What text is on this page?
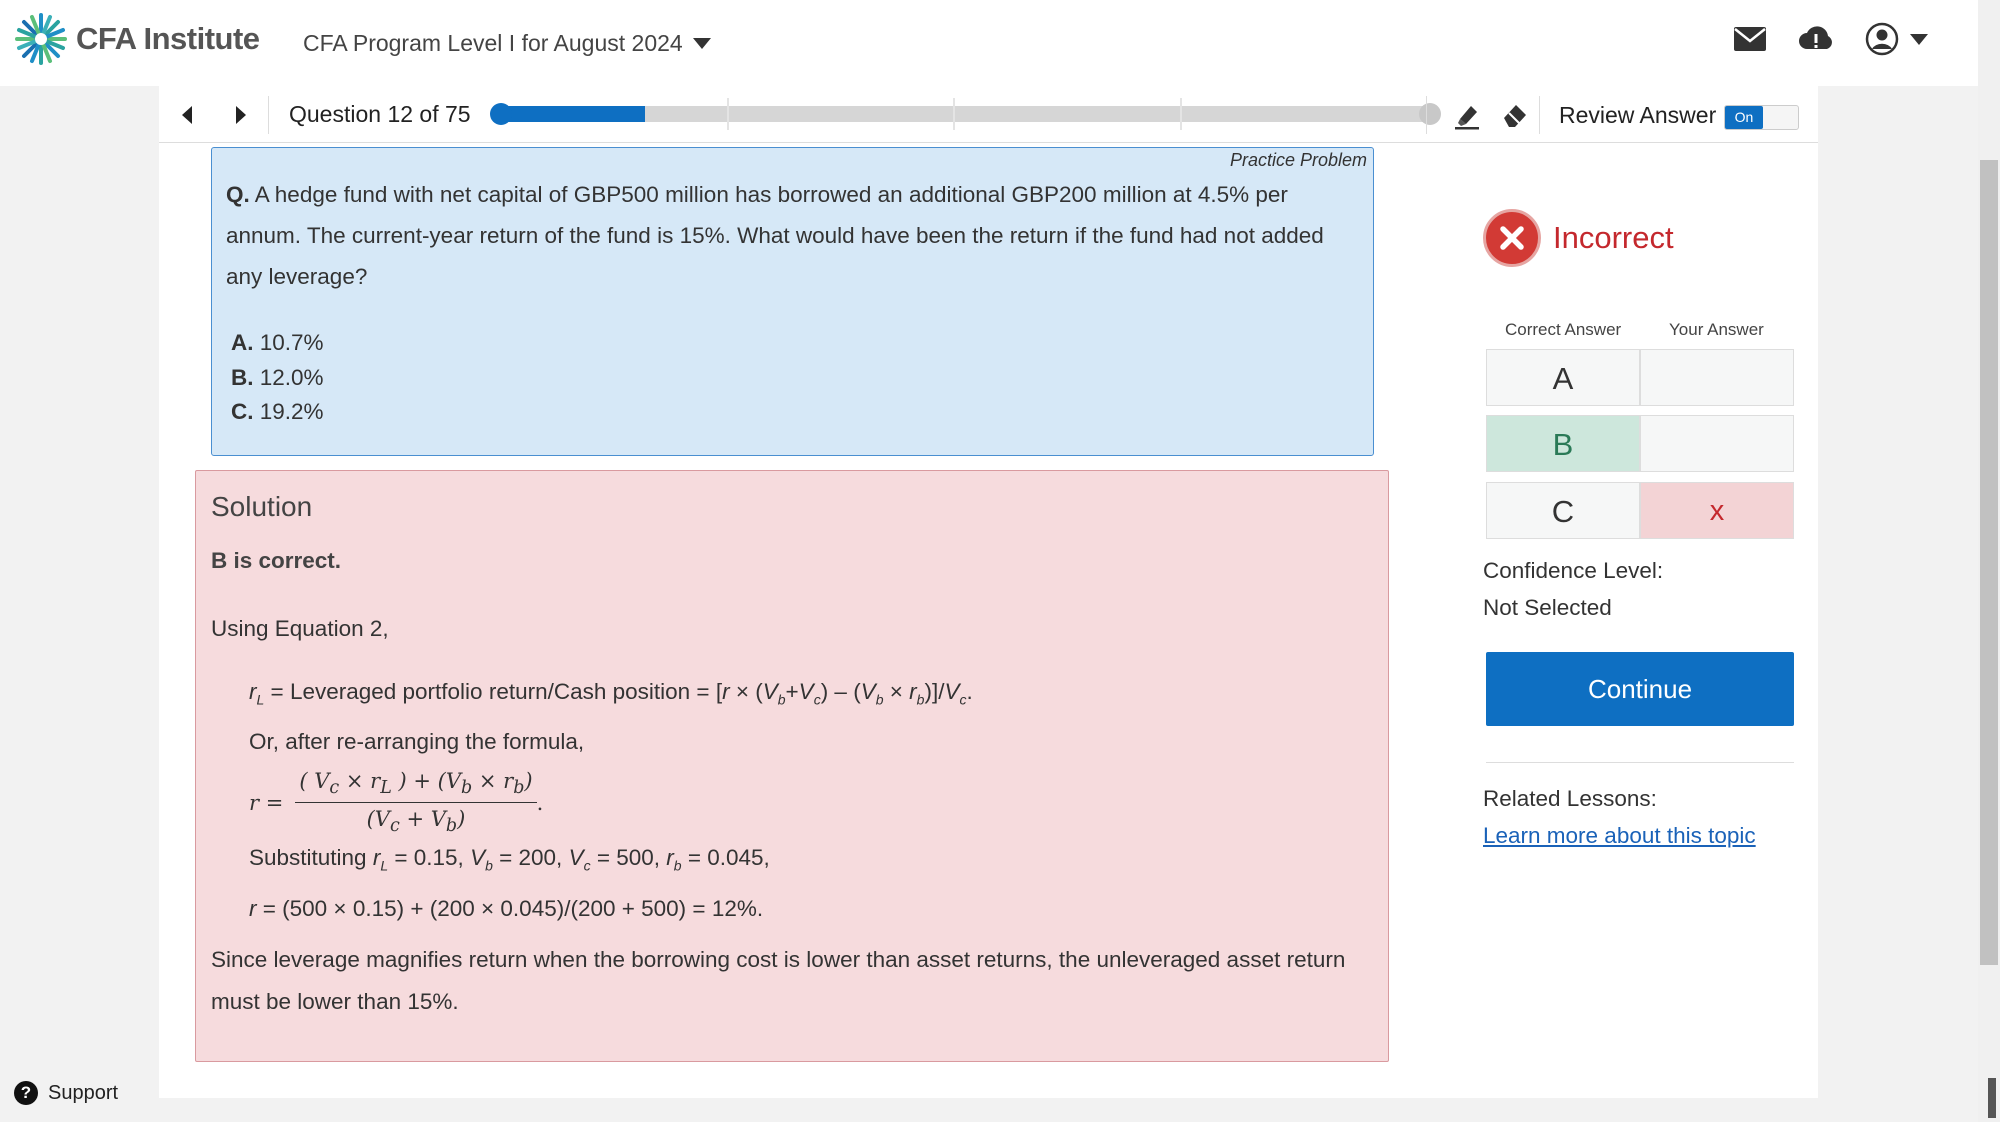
CFA Institute CFA Program Level I for August 2024
Question 12 of 75	Review Answer	On
Practice Problem
Q. A hedge fund with net capital of GBP500 million has borrowed an additional GBP200 million at 4.5% per annum. The current-year return of the fund is 15%. What would have been the return if the fund had not added any leverage?
A. 10.7%
B. 12.0%
C. 19.2%
Solution
B is correct.
Using Equation 2,
$r_L$ = Leveraged portfolio return/Cash position = $[r \times (V_b+V_c) - (V_b \times r_b)]/V_c$.
Or, after re-arranging the formula,
$r = \frac{( V_c \times r_L ) + (V_b \times r_b)}{(V_c + V_b)}$ .
Substituting $r_L = 0.15$, $V_b = 200$, $V_c = 500$, $r_b = 0.045$,
r = (500 × 0.15) + (200 × 0.045)/(200 + 500) = 12%.
Since leverage magnifies return when the borrowing cost is lower than asset returns, the unleveraged asset return must be lower than 15%.
Incorrect
Correct Answer	Your Answer
A
B
C	x
Confidence Level:
Not Selected
Continue
Related Lessons:
Learn more about this topic
? Support
